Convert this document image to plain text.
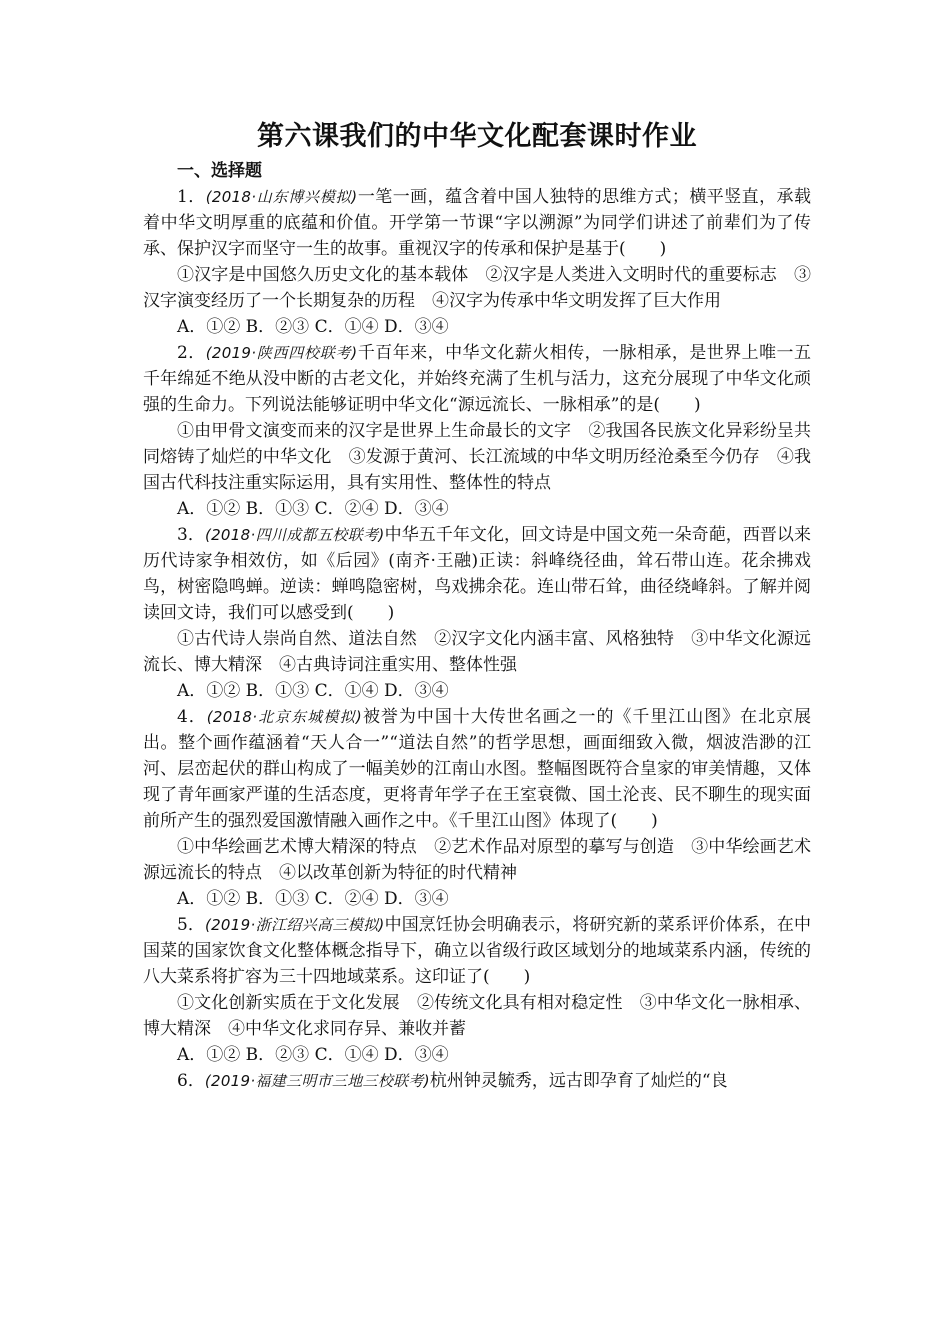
第六课我们的中华文化配套课时作业

一、选择题

1．(2018·山东博兴模拟)一笔一画，蕴含着中国人独特的思维方式；横平竖直，承载着中华文明厚重的底蕴和价值。开学第一节课“字以溯源”为同学们讲述了前辈们为了传承、保护汉字而坚守一生的故事。重视汉字的传承和保护是基于(　　)

①汉字是中国悠久历史文化的基本载体　②汉字是人类进入文明时代的重要标志　③汉字演变经历了一个长期复杂的历程　④汉字为传承中华文明发挥了巨大作用

A．①② B．②③ C．①④ D．③④

2．(2019·陕西四校联考)千百年来，中华文化薪火相传，一脉相承，是世界上唯一五千年绵延不绝从没中断的古老文化，并始终充满了生机与活力，这充分展现了中华文化顽强的生命力。下列说法能够证明中华文化“源远流长、一脉相承”的是(　　)

①由甲骨文演变而来的汉字是世界上生命最长的文字　②我国各民族文化异彩纷呈共同熔铸了灿烂的中华文化　③发源于黄河、长江流域的中华文明历经沧桑至今仍存　④我国古代科技注重实际运用，具有实用性、整体性的特点

A．①② B．①③ C．②④ D．③④

3．(2018·四川成都五校联考)中华五千年文化，回文诗是中国文苑一朵奇葩，西晋以来历代诗家争相效仿，如《后园》(南齐·王融)正读：斜峰绕径曲，耸石带山连。花余拂戏鸟，树密隐鸣蝉。逆读：蝉鸣隐密树，鸟戏拂余花。连山带石耸，曲径绕峰斜。了解并阅读回文诗，我们可以感受到(　　)

①古代诗人崇尚自然、道法自然　②汉字文化内涵丰富、风格独特　③中华文化源远流长、博大精深　④古典诗词注重实用、整体性强

A．①② B．①③ C．①④ D．③④

4．(2018·北京东城模拟)被誉为中国十大传世名画之一的《千里江山图》在北京展出。整个画作蕴涵着“天人合一”“道法自然”的哲学思想，画面细致入微，烟波浩渺的江河、层峦起伏的群山构成了一幅美妙的江南山水图。整幅图既符合皇家的审美情趣，又体现了青年画家严谨的生活态度，更将青年学子在王室衰微、国土沦丧、民不聊生的现实面前所产生的强烈爱国激情融入画作之中。《千里江山图》体现了(　　)

①中华绘画艺术博大精深的特点　②艺术作品对原型的摹写与创造　③中华绘画艺术源远流长的特点　④以改革创新为特征的时代精神

A．①② B．①③ C．②④ D．③④

5．(2019·浙江绍兴高三模拟)中国烹饪协会明确表示，将研究新的菜系评价体系，在中国菜的国家饮食文化整体概念指导下，确立以省级行政区域划分的地域菜系内涵，传统的八大菜系将扩容为三十四地域菜系。这印证了(　　)

①文化创新实质在于文化发展　②传统文化具有相对稳定性　③中华文化一脉相承、博大精深　④中华文化求同存异、兼收并蓄

A．①② B．②③ C．①④ D．③④

6．(2019·福建三明市三地三校联考)杭州钟灵毓秀，远古即孕育了灿烂的“良
